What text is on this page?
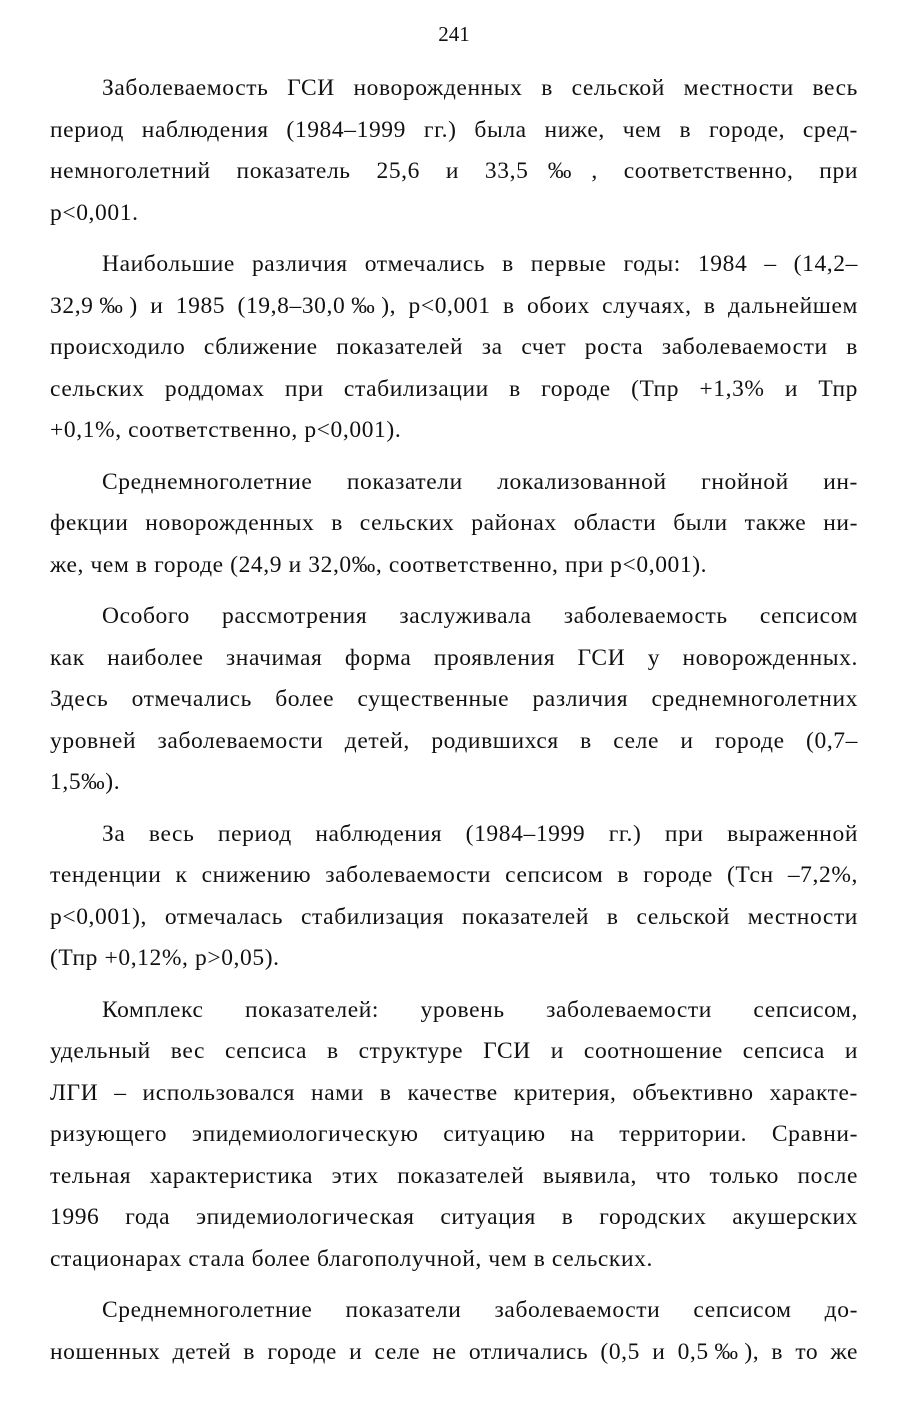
241
Заболеваемость ГСИ новорожденных в сельской местности весь
период наблюдения (1984–1999 гг.) была ниже, чем в городе, сред-
немноголетний показатель 25,6 и 33,5‰, соответственно, при
р<0,001.
Наибольшие различия отмечались в первые годы: 1984 – (14,2–
32,9‰) и 1985 (19,8–30,0‰), р<0,001 в обоих случаях, в дальнейшем
происходило сближение показателей за счет роста заболеваемости в
сельских роддомах при стабилизации в городе (Тпр +1,3% и Тпр
+0,1%, соответственно, р<0,001).
Среднемноголетние показатели локализованной гнойной ин-
фекции новорожденных в сельских районах области были также ни-
же, чем в городе (24,9 и 32,0‰, соответственно, при р<0,001).
Особого рассмотрения заслуживала заболеваемость сепсисом
как наиболее значимая форма проявления ГСИ у новорожденных.
Здесь отмечались более существенные различия среднемноголетних
уровней заболеваемости детей, родившихся в селе и городе (0,7–
1,5‰).
За весь период наблюдения (1984–1999 гг.) при выраженной
тенденции к снижению заболеваемости сепсисом в городе (Тсн –7,2%,
р<0,001), отмечалась стабилизация показателей в сельской местности
(Тпр +0,12%, р>0,05).
Комплекс показателей: уровень заболеваемости сепсисом,
удельный вес сепсиса в структуре ГСИ и соотношение сепсиса и
ЛГИ – использовался нами в качестве критерия, объективно характе-
ризующего эпидемиологическую ситуацию на территории. Сравни-
тельная характеристика этих показателей выявила, что только после
1996 года эпидемиологическая ситуация в городских акушерских
стационарах стала более благополучной, чем в сельских.
Среднемноголетние показатели заболеваемости сепсисом до-
ношенных детей в городе и селе не отличались (0,5 и 0,5‰), в то же
